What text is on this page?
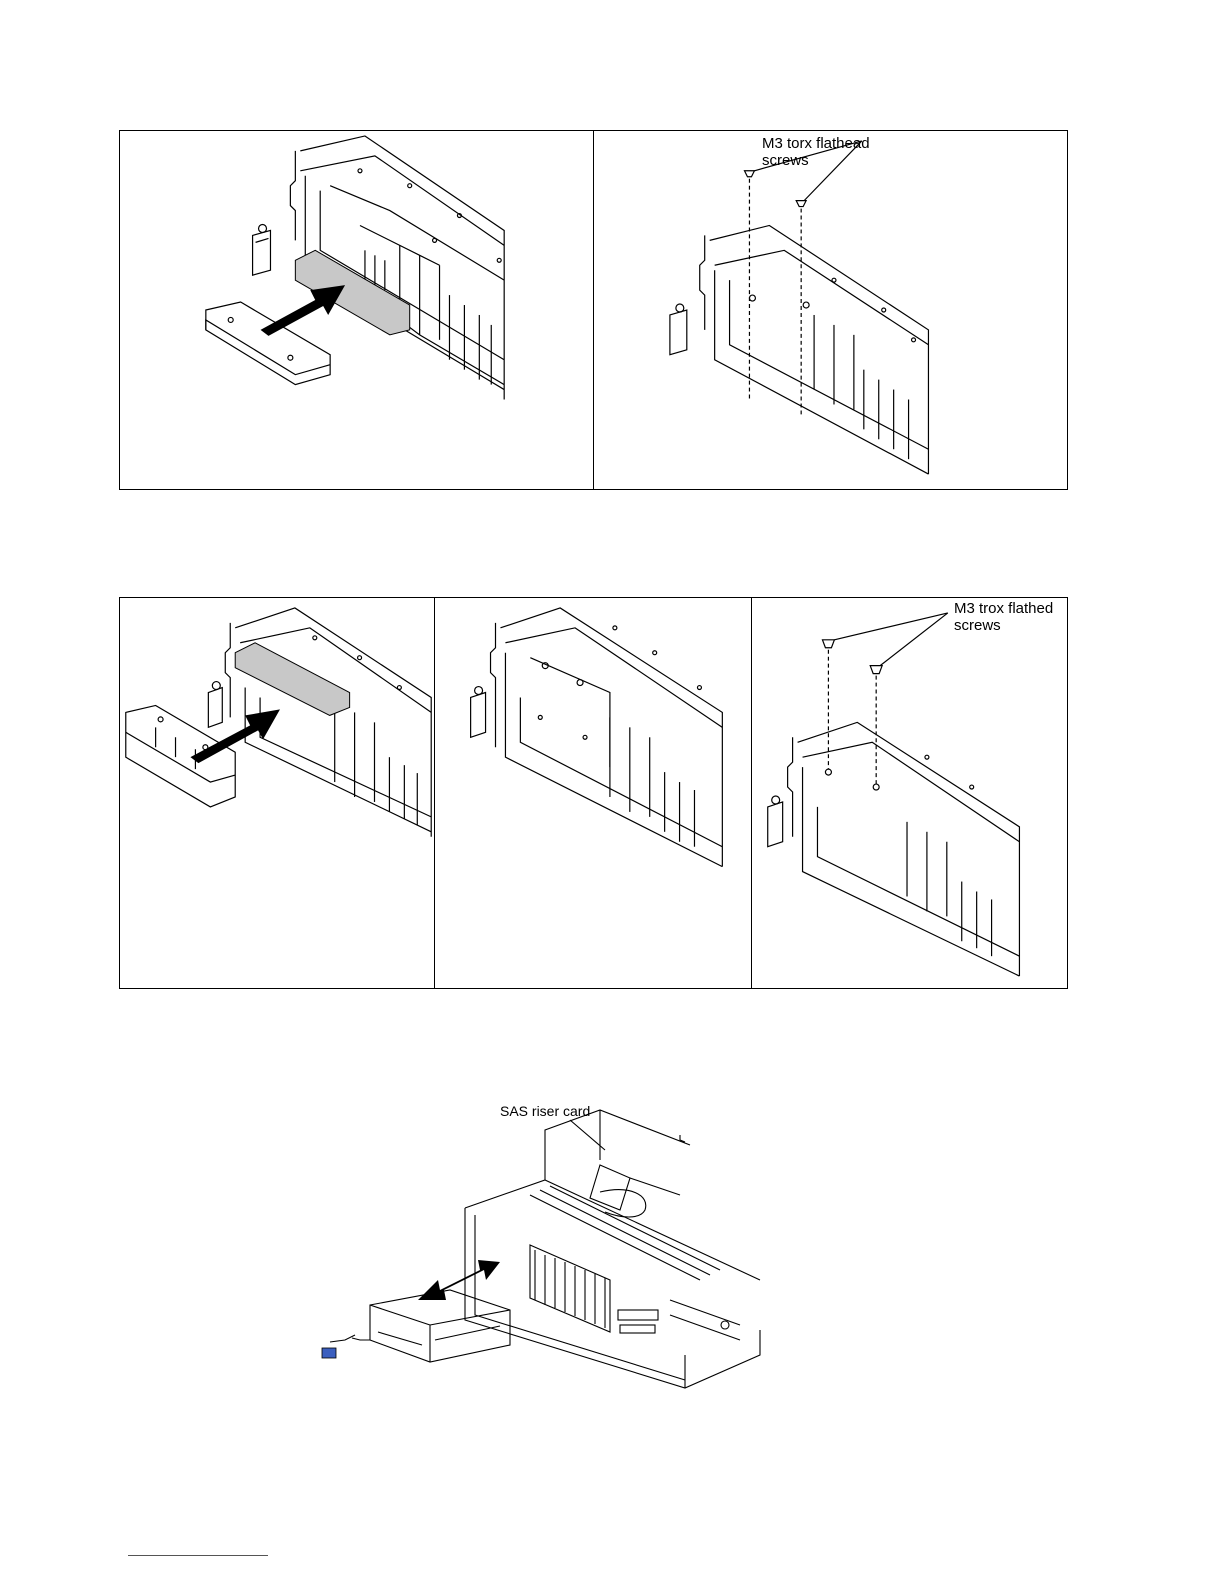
M3 torx flathead
screws
M3 trox flathed
screws
SAS riser card
